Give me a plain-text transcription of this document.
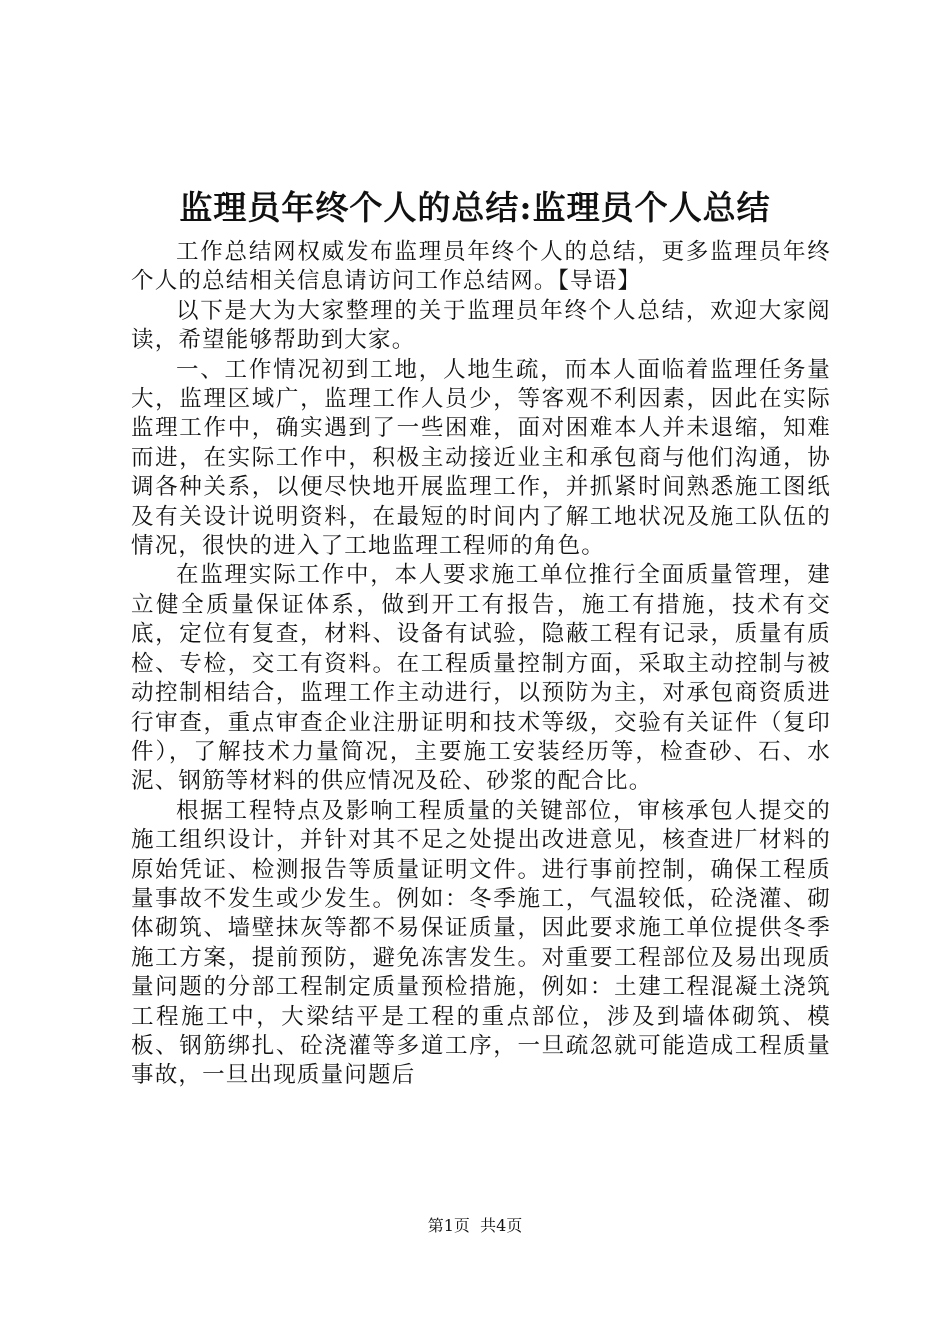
监理员年终个人的总结:监理员个人总结

工作总结网权威发布监理员年终个人的总结，更多监理员年终个人的总结相关信息请访问工作总结网。【导语】

以下是大为大家整理的关于监理员年终个人总结，欢迎大家阅读，希望能够帮助到大家。

一、工作情况初到工地，人地生疏，而本人面临着监理任务量大，监理区域广，监理工作人员少，等客观不利因素，因此在实际监理工作中，确实遇到了一些困难，面对困难本人并未退缩，知难而进，在实际工作中，积极主动接近业主和承包商与他们沟通，协调各种关系，以便尽快地开展监理工作，并抓紧时间熟悉施工图纸及有关设计说明资料，在最短的时间内了解工地状况及施工队伍的情况，很快的进入了工地监理工程师的角色。

在监理实际工作中，本人要求施工单位推行全面质量管理，建立健全质量保证体系，做到开工有报告，施工有措施，技术有交底，定位有复查，材料、设备有试验，隐蔽工程有记录，质量有质检、专检，交工有资料。在工程质量控制方面，采取主动控制与被动控制相结合，监理工作主动进行，以预防为主，对承包商资质进行审查，重点审查企业注册证明和技术等级，交验有关证件（复印件），了解技术力量简况，主要施工安装经历等，检查砂、石、水泥、钢筋等材料的供应情况及砼、砂浆的配合比。

根据工程特点及影响工程质量的关键部位，审核承包人提交的施工组织设计，并针对其不足之处提出改进意见，核查进厂材料的原始凭证、检测报告等质量证明文件。进行事前控制，确保工程质量事故不发生或少发生。例如：冬季施工，气温较低，砼浇灌、砌体砌筑、墙壁抹灰等都不易保证质量，因此要求施工单位提供冬季施工方案，提前预防，避免冻害发生。对重要工程部位及易出现质量问题的分部工程制定质量预检措施，例如：土建工程混凝土浇筑工程施工中，大梁结平是工程的重点部位，涉及到墙体砌筑、模板、钢筋绑扎、砼浇灌等多道工序，一旦疏忽就可能造成工程质量事故，一旦出现质量问题后

第1页 共4页
